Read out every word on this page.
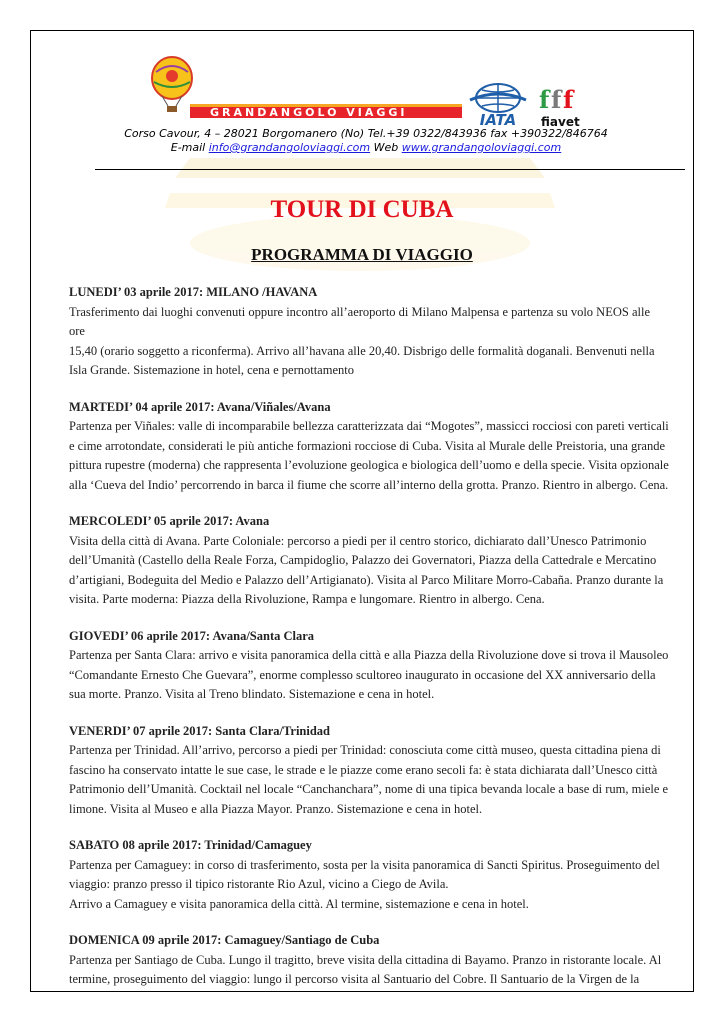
GRANDANGOLO VIAGGI	IATA
f f f
fiavet
Corso Cavour, 4 – 28021 Borgomanero (No) Tel.+39 0322/843936 fax +390322/846764
E-mail info@grandangoloviaggi.com Web www.grandangoloviaggi.com
TOUR DI CUBA
PROGRAMMA DI VIAGGIO

LUNEDI’ 03 aprile 2017: MILANO /HAVANA

Trasferimento dai luoghi convenuti oppure incontro all’aeroporto di Milano Malpensa e partenza su volo NEOS alle ore
15,40 (orario soggetto a riconferma). Arrivo all’havana alle 20,40. Disbrigo delle formalità doganali. Benvenuti nella
Isla Grande. Sistemazione in hotel, cena e pernottamento

MARTEDI’ 04 aprile 2017: Avana/Viñales/Avana

Partenza per Viñales: valle di incomparabile bellezza caratterizzata dai “Mogotes”, massicci rocciosi con pareti verticali
e cime arrotondate, considerati le più antiche formazioni rocciose di Cuba. Visita al Murale delle Preistoria, una grande
pittura rupestre (moderna) che rappresenta l’evoluzione geologica e biologica dell’uomo e della specie. Visita opzionale
alla ‘Cueva del Indio’ percorrendo in barca il fiume che scorre all’interno della grotta. Pranzo. Rientro in albergo. Cena.

MERCOLEDI’ 05 aprile 2017: Avana

Visita della città di Avana. Parte Coloniale: percorso a piedi per il centro storico, dichiarato dall’Unesco Patrimonio
dell’Umanità (Castello della Reale Forza, Campidoglio, Palazzo dei Governatori, Piazza della Cattedrale e Mercatino
d’artigiani, Bodeguita del Medio e Palazzo dell’Artigianato). Visita al Parco Militare Morro-Cabaña. Pranzo durante la
visita. Parte moderna: Piazza della Rivoluzione, Rampa e lungomare. Rientro in albergo. Cena.

GIOVEDI’ 06 aprile 2017: Avana/Santa Clara

Partenza per Santa Clara: arrivo e visita panoramica della città e alla Piazza della Rivoluzione dove si trova il Mausoleo
“Comandante Ernesto Che Guevara”, enorme complesso scultoreo inaugurato in occasione del XX anniversario della
sua morte. Pranzo. Visita al Treno blindato. Sistemazione e cena in hotel.

VENERDI’ 07 aprile 2017: Santa Clara/Trinidad

Partenza per Trinidad. All’arrivo, percorso a piedi per Trinidad: conosciuta come città museo, questa cittadina piena di
fascino ha conservato intatte le sue case, le strade e le piazze come erano secoli fa: è stata dichiarata dall’Unesco città
Patrimonio dell’Umanità. Cocktail nel locale “Canchanchara”, nome di una tipica bevanda locale a base di rum, miele e
limone. Visita al Museo e alla Piazza Mayor. Pranzo. Sistemazione e cena in hotel.

SABATO 08 aprile 2017: Trinidad/Camaguey

Partenza per Camaguey: in corso di trasferimento, sosta per la visita panoramica di Sancti Spiritus. Proseguimento del
viaggio: pranzo presso il tipico ristorante Rio Azul, vicino a Ciego de Avila.
Arrivo a Camaguey e visita panoramica della città. Al termine, sistemazione e cena in hotel.

DOMENICA 09 aprile 2017: Camaguey/Santiago de Cuba

Partenza per Santiago de Cuba. Lungo il tragitto, breve visita della cittadina di Bayamo. Pranzo in ristorante locale. Al
termine, proseguimento del viaggio: lungo il percorso visita al Santuario del Cobre. Il Santuario de la Virgen de la
